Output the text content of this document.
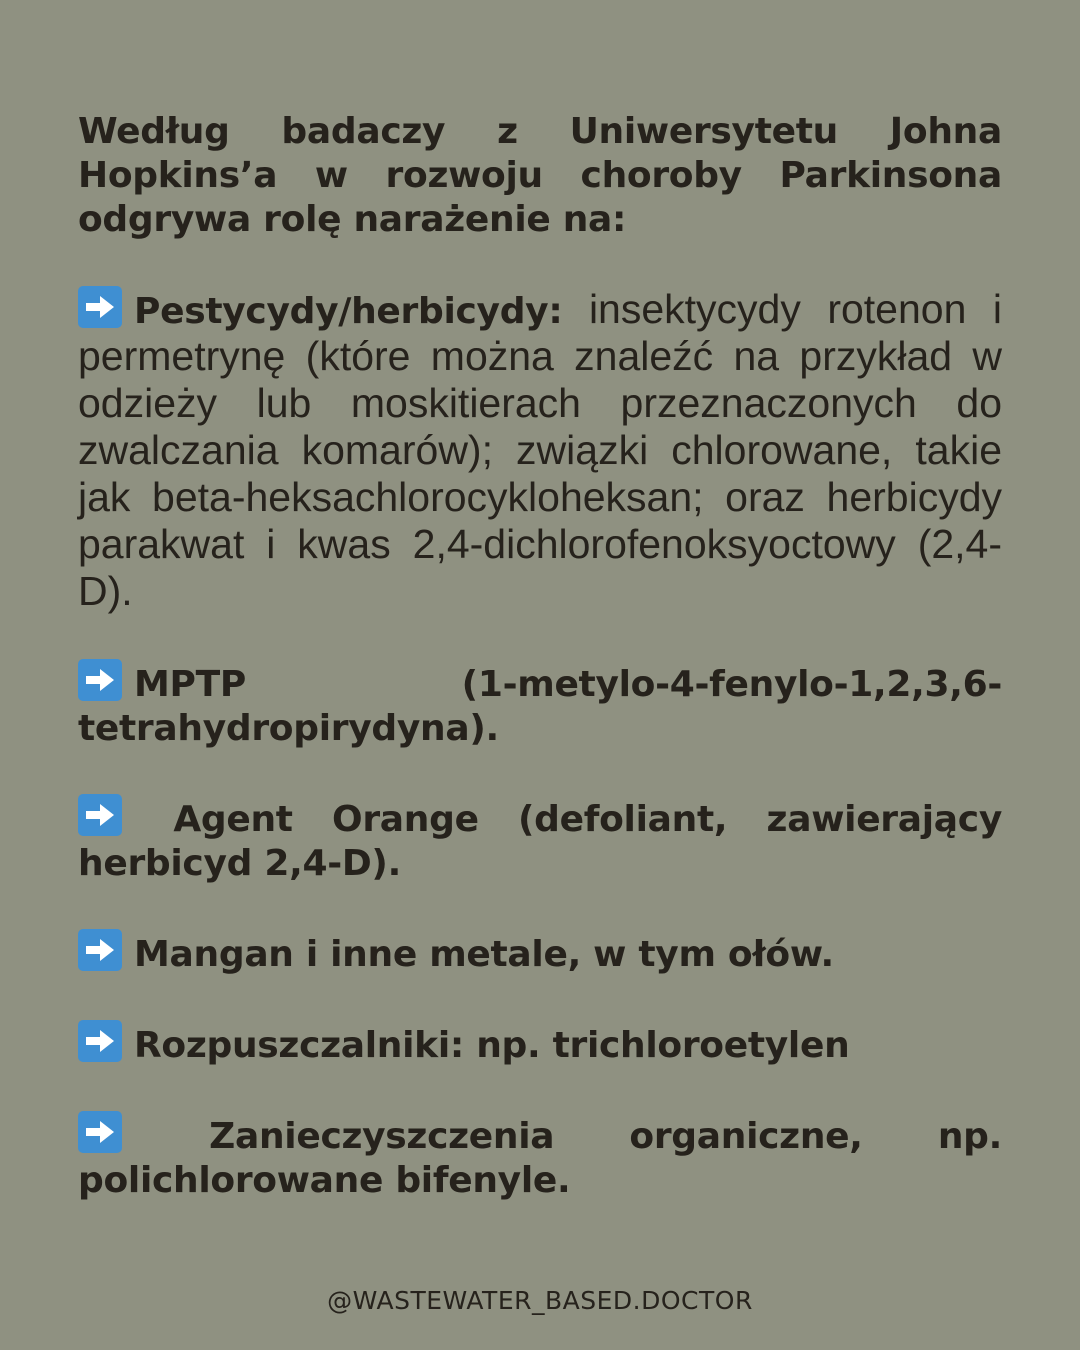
Według badaczy z Uniwersytetu Johna Hopkins’a w rozwoju choroby Parkinsona odgrywa rolę narażenie na:

Pestycydy/herbicydy: insektycydy rotenon i permetrynę (które można znaleźć na przykład w odzieży lub moskitierach przeznaczonych do zwalczania komarów); związki chlorowane, takie jak beta-heksachlorocykloheksan; oraz herbicydy parakwat i kwas 2,4-dichlorofenoksyoctowy (2,4-D).

MPTP (1-metylo-4-fenylo-1,2,3,6-tetrahydropirydyna).

Agent Orange (defoliant, zawierający herbicyd 2,4-D).

Mangan i inne metale, w tym ołów.

Rozpuszczalniki: np. trichloroetylen

Zanieczyszczenia organiczne, np. polichlorowane bifenyle.

@WASTEWATER_BASED.DOCTOR
